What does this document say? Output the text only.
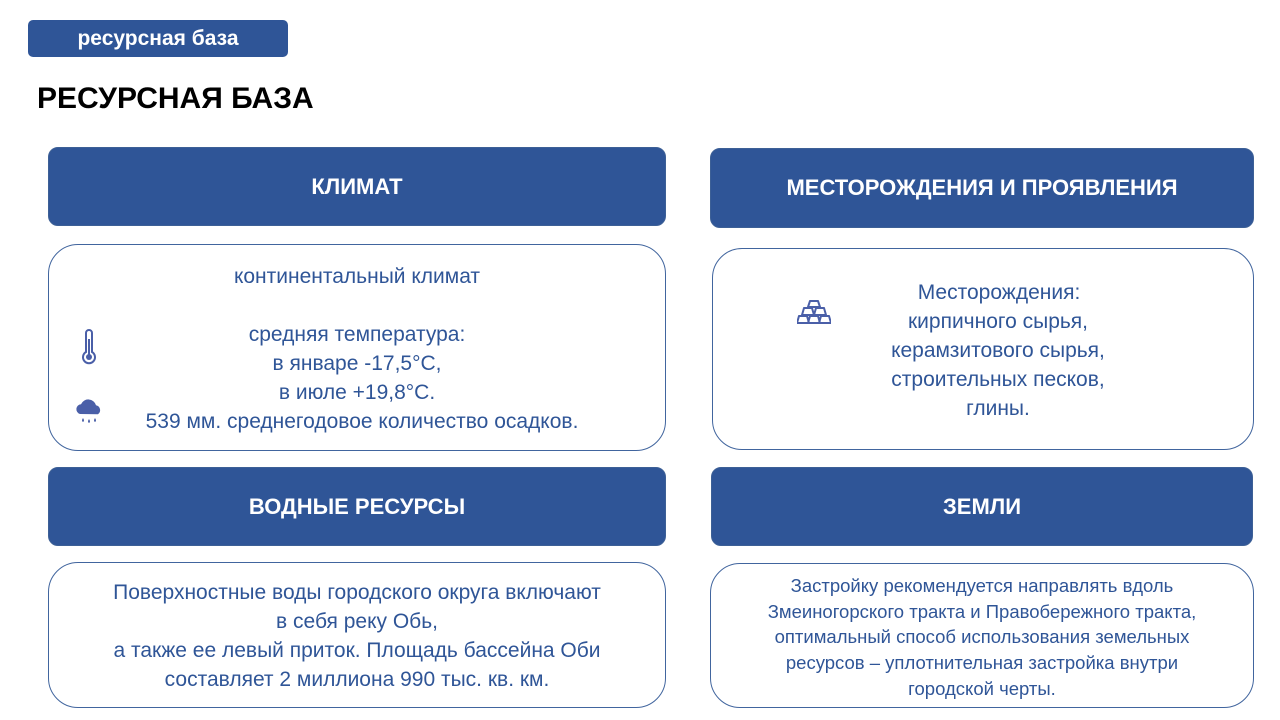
ресурсная база
РЕСУРСНАЯ БАЗА
КЛИМАТ
континентальный климат
средняя температура:
в январе -17,5°С,
в июле +19,8°С.
539 мм. среднегодовое количество осадков.
МЕСТОРОЖДЕНИЯ И ПРОЯВЛЕНИЯ
Месторождения:
кирпичного сырья,
керамзитового сырья,
строительных песков,
глины.
ВОДНЫЕ РЕСУРСЫ
Поверхностные воды городского округа включают
в себя реку Обь,
а также ее левый приток. Площадь бассейна Оби
составляет 2 миллиона 990 тыс. кв. км.
ЗЕМЛИ
Застройку рекомендуется направлять вдоль
Змеиногорского тракта и Правобережного тракта,
оптимальный способ использования земельных
ресурсов – уплотнительная застройка внутри
городской черты.
